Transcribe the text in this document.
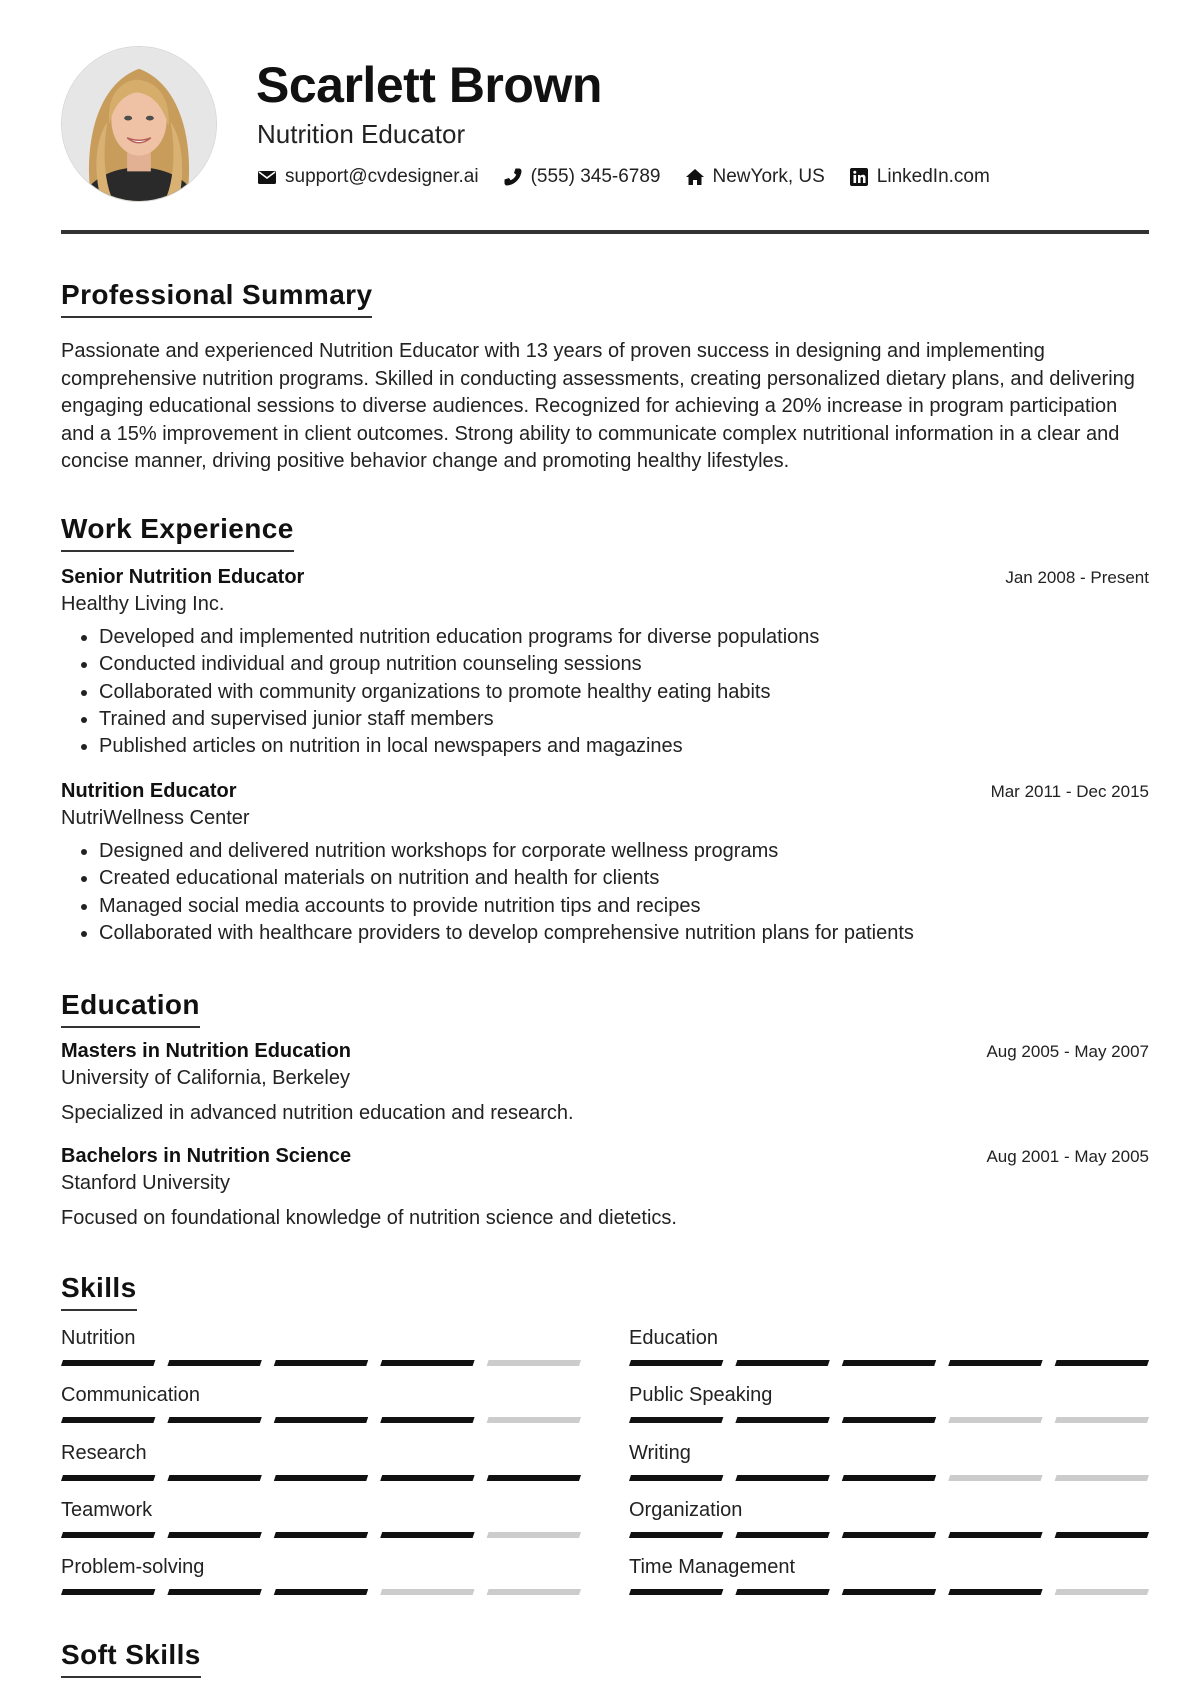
Scarlett Brown
Nutrition Educator
support@cvdesigner.ai	(555) 345-6789	NewYork, US	LinkedIn.com
Professional Summary
Passionate and experienced Nutrition Educator with 13 years of proven success in designing and implementing comprehensive nutrition programs. Skilled in conducting assessments, creating personalized dietary plans, and delivering engaging educational sessions to diverse audiences. Recognized for achieving a 20% increase in program participation and a 15% improvement in client outcomes. Strong ability to communicate complex nutritional information in a clear and concise manner, driving positive behavior change and promoting healthy lifestyles.
Work Experience
Senior Nutrition Educator	Jan 2008 - Present
Healthy Living Inc.
• Developed and implemented nutrition education programs for diverse populations
• Conducted individual and group nutrition counseling sessions
• Collaborated with community organizations to promote healthy eating habits
• Trained and supervised junior staff members
• Published articles on nutrition in local newspapers and magazines
Nutrition Educator	Mar 2011 - Dec 2015
NutriWellness Center
• Designed and delivered nutrition workshops for corporate wellness programs
• Created educational materials on nutrition and health for clients
• Managed social media accounts to provide nutrition tips and recipes
• Collaborated with healthcare providers to develop comprehensive nutrition plans for patients
Education
Masters in Nutrition Education	Aug 2005 - May 2007
University of California, Berkeley

Specialized in advanced nutrition education and research.

Bachelors in Nutrition Science	Aug 2001 - May 2005
Stanford University

Focused on foundational knowledge of nutrition science and dietetics.

Skills
Nutrition	Education
Communication	Public Speaking
Research	Writing
Teamwork	Organization
Problem-solving	Time Management
Soft Skills
